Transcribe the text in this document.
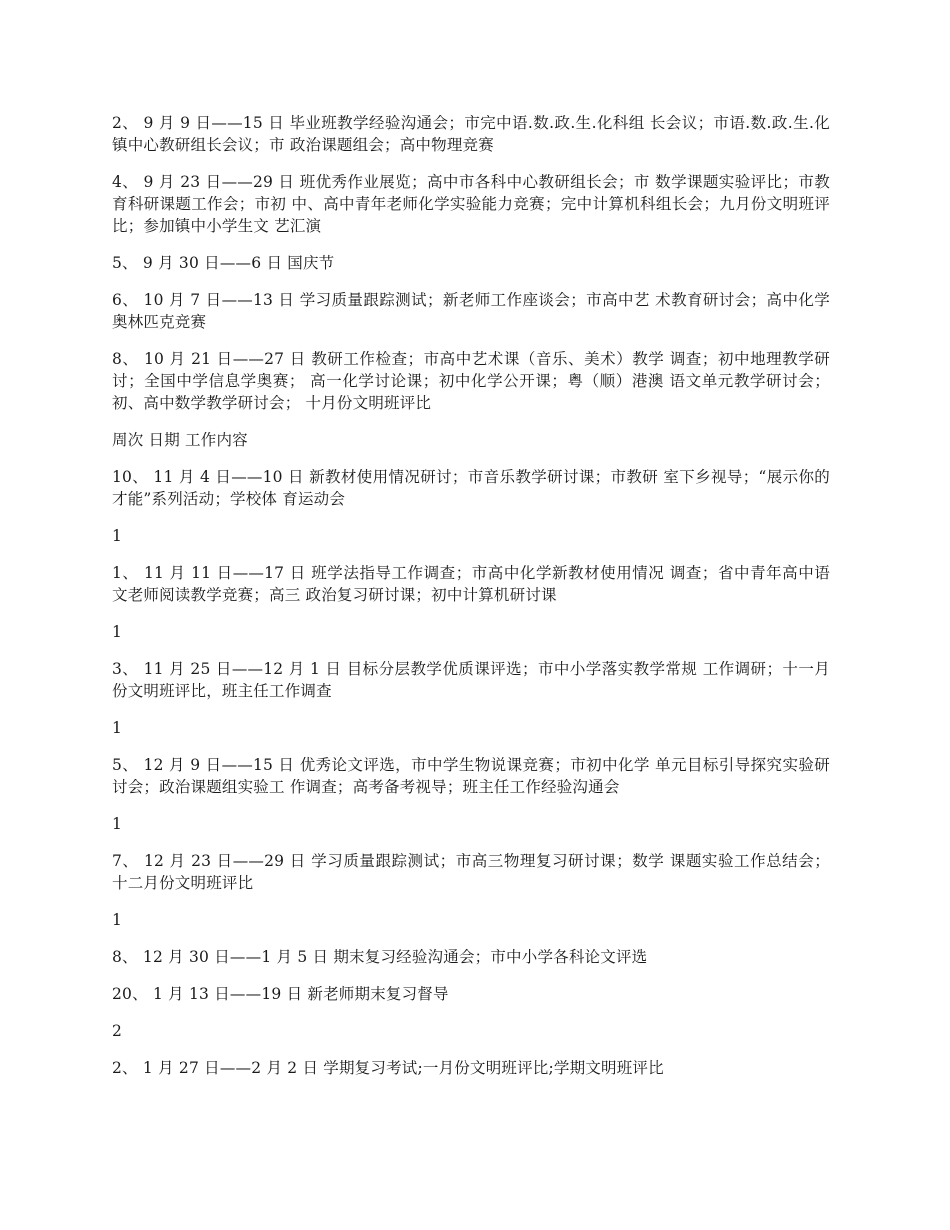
2、 9 月 9 日——15 日 毕业班教学经验沟通会；市完中语.数.政.生.化科组 长会议；市语.数.政.生.化镇中心教研组长会议；市 政治课题组会；高中物理竞赛

4、 9 月 23 日——29 日 班优秀作业展览；高中市各科中心教研组长会；市 数学课题实验评比；市教育科研课题工作会；市初 中、高中青年老师化学实验能力竞赛；完中计算机科组长会；九月份文明班评比；参加镇中小学生文 艺汇演

5、 9 月 30 日——6 日 国庆节

6、 10 月 7 日——13 日 学习质量跟踪测试；新老师工作座谈会；市高中艺 术教育研讨会；高中化学奥林匹克竞赛

8、 10 月 21 日——27 日 教研工作检查；市高中艺术课（音乐、美术）教学 调查；初中地理教学研讨；全国中学信息学奥赛； 高一化学讨论课；初中化学公开课；粤（顺）港澳 语文单元教学研讨会；初、高中数学教学研讨会； 十月份文明班评比

周次 日期 工作内容

10、 11 月 4 日——10 日 新教材使用情况研讨；市音乐教学研讨课；市教研 室下乡视导；“展示你的才能”系列活动；学校体 育运动会

1

1、 11 月 11 日——17 日 班学法指导工作调查；市高中化学新教材使用情况 调查；省中青年高中语文老师阅读教学竞赛；高三 政治复习研讨课；初中计算机研讨课

1

3、 11 月 25 日——12 月 1 日 目标分层教学优质课评选；市中小学落实教学常规 工作调研；十一月份文明班评比，班主任工作调查

1

5、 12 月 9 日——15 日 优秀论文评选，市中学生物说课竞赛；市初中化学 单元目标引导探究实验研讨会；政治课题组实验工 作调查；高考备考视导；班主任工作经验沟通会

1

7、 12 月 23 日——29 日 学习质量跟踪测试；市高三物理复习研讨课；数学 课题实验工作总结会；十二月份文明班评比

1

8、 12 月 30 日——1 月 5 日 期末复习经验沟通会；市中小学各科论文评选

20、 1 月 13 日——19 日 新老师期末复习督导

2

2、 1 月 27 日——2 月 2 日 学期复习考试;一月份文明班评比;学期文明班评比
